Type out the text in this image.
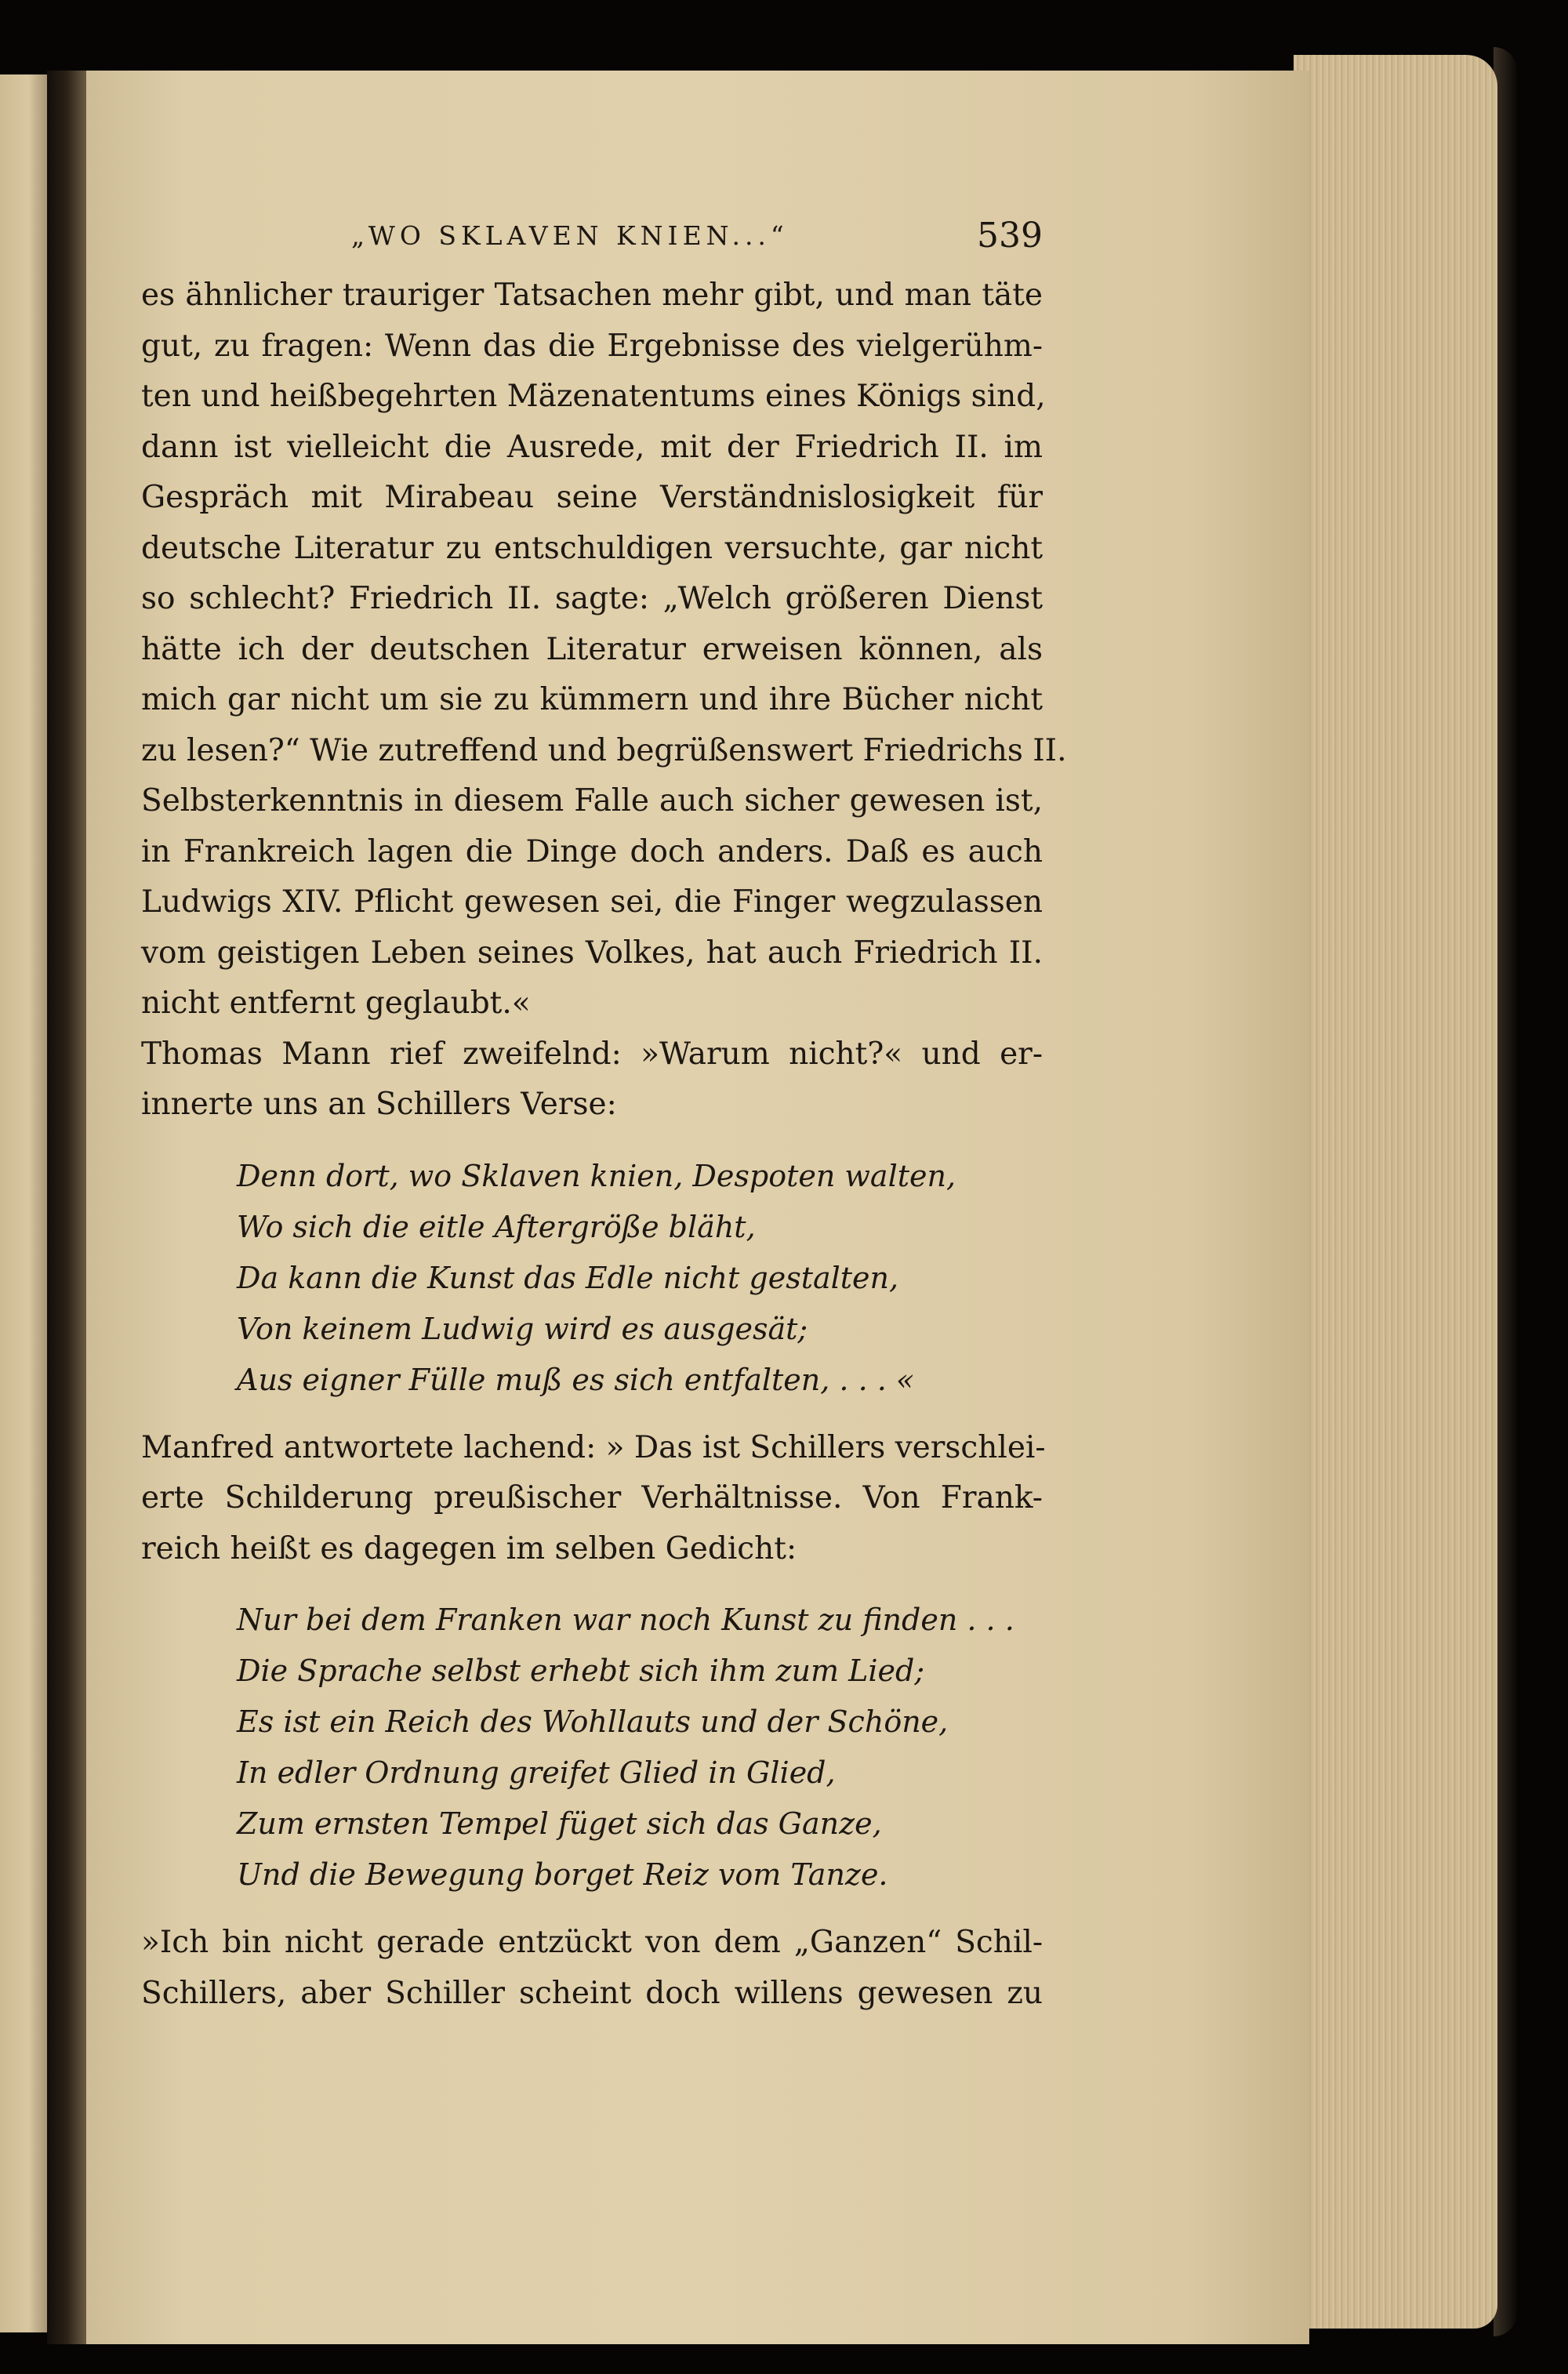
„WO SKLAVEN KNIEN...“	539
es ähnlicher trauriger Tatsachen mehr gibt, und man täte
gut, zu fragen: Wenn das die Ergebnisse des vielgerühm-
ten und heißbegehrten Mäzenatentums eines Königs sind,
dann ist vielleicht die Ausrede, mit der Friedrich II. im
Gespräch mit Mirabeau seine Verständnislosigkeit für
deutsche Literatur zu entschuldigen versuchte, gar nicht
so schlecht? Friedrich II. sagte: „Welch größeren Dienst
hätte ich der deutschen Literatur erweisen können, als
mich gar nicht um sie zu kümmern und ihre Bücher nicht
zu lesen?“ Wie zutreffend und begrüßenswert Friedrichs II.
Selbsterkenntnis in diesem Falle auch sicher gewesen ist,
in Frankreich lagen die Dinge doch anders. Daß es auch
Ludwigs XIV. Pflicht gewesen sei, die Finger wegzulassen
vom geistigen Leben seines Volkes, hat auch Friedrich II.
nicht entfernt geglaubt.«
Thomas Mann rief zweifelnd: »Warum nicht?« und er-
innerte uns an Schillers Verse:
Denn dort, wo Sklaven knien, Despoten walten,
Wo sich die eitle Aftergröße bläht,
Da kann die Kunst das Edle nicht gestalten,
Von keinem Ludwig wird es ausgesät;
Aus eigner Fülle muß es sich entfalten, . . . «
Manfred antwortete lachend: » Das ist Schillers verschlei-
erte Schilderung preußischer Verhältnisse. Von Frank-
reich heißt es dagegen im selben Gedicht:
Nur bei dem Franken war noch Kunst zu finden . . .
Die Sprache selbst erhebt sich ihm zum Lied;
Es ist ein Reich des Wohllauts und der Schöne,
In edler Ordnung greifet Glied in Glied,
Zum ernsten Tempel füget sich das Ganze,
Und die Bewegung borget Reiz vom Tanze.
»Ich bin nicht gerade entzückt von dem „Ganzen“ Schil-
Schillers, aber Schiller scheint doch willens gewesen zu
